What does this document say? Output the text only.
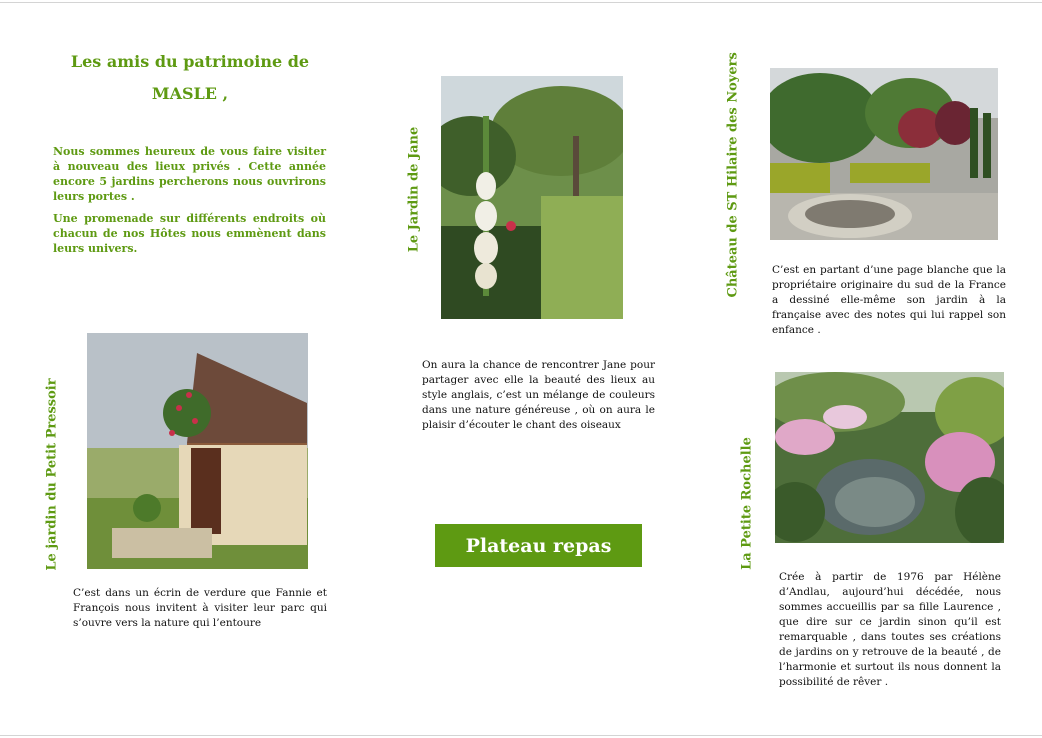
Les amis du patrimoine de
MASLE ,

Nous sommes heureux de vous faire visiter à nouveau des lieux privés . Cette année encore 5 jardins percherons nous ouvrirons leurs portes .

Une promenade sur différents endroits où chacun de nos Hôtes nous emmènent dans leurs univers.

Le jardin du Petit Pressoir

C’est dans un écrin de verdure que Fannie et François nous invitent à visiter leur parc qui s’ouvre vers la nature qui l’entoure

Le Jardin de Jane

On aura la chance de rencontrer Jane pour partager avec elle la beauté des lieux au style anglais, c’est un mélange de couleurs dans une nature généreuse , où on aura le plaisir d’écouter le chant des oiseaux

Plateau repas
Château de ST Hilaire des Noyers	C’est en partant d’une page blanche que la propriétaire originaire du sud de la France a dessiné elle-même son jardin à la française avec des notes qui lui rappel son enfance .

La Petite Rochelle

Crée à partir de 1976 par Hélène d’Andlau, aujourd’hui décédée, nous sommes accueillis par sa fille Laurence , que dire sur ce jardin sinon qu’il est remarquable , dans toutes ses créations de jardins on y retrouve de la beauté , de l’harmonie et surtout ils nous donnent la possibilité de rêver .
